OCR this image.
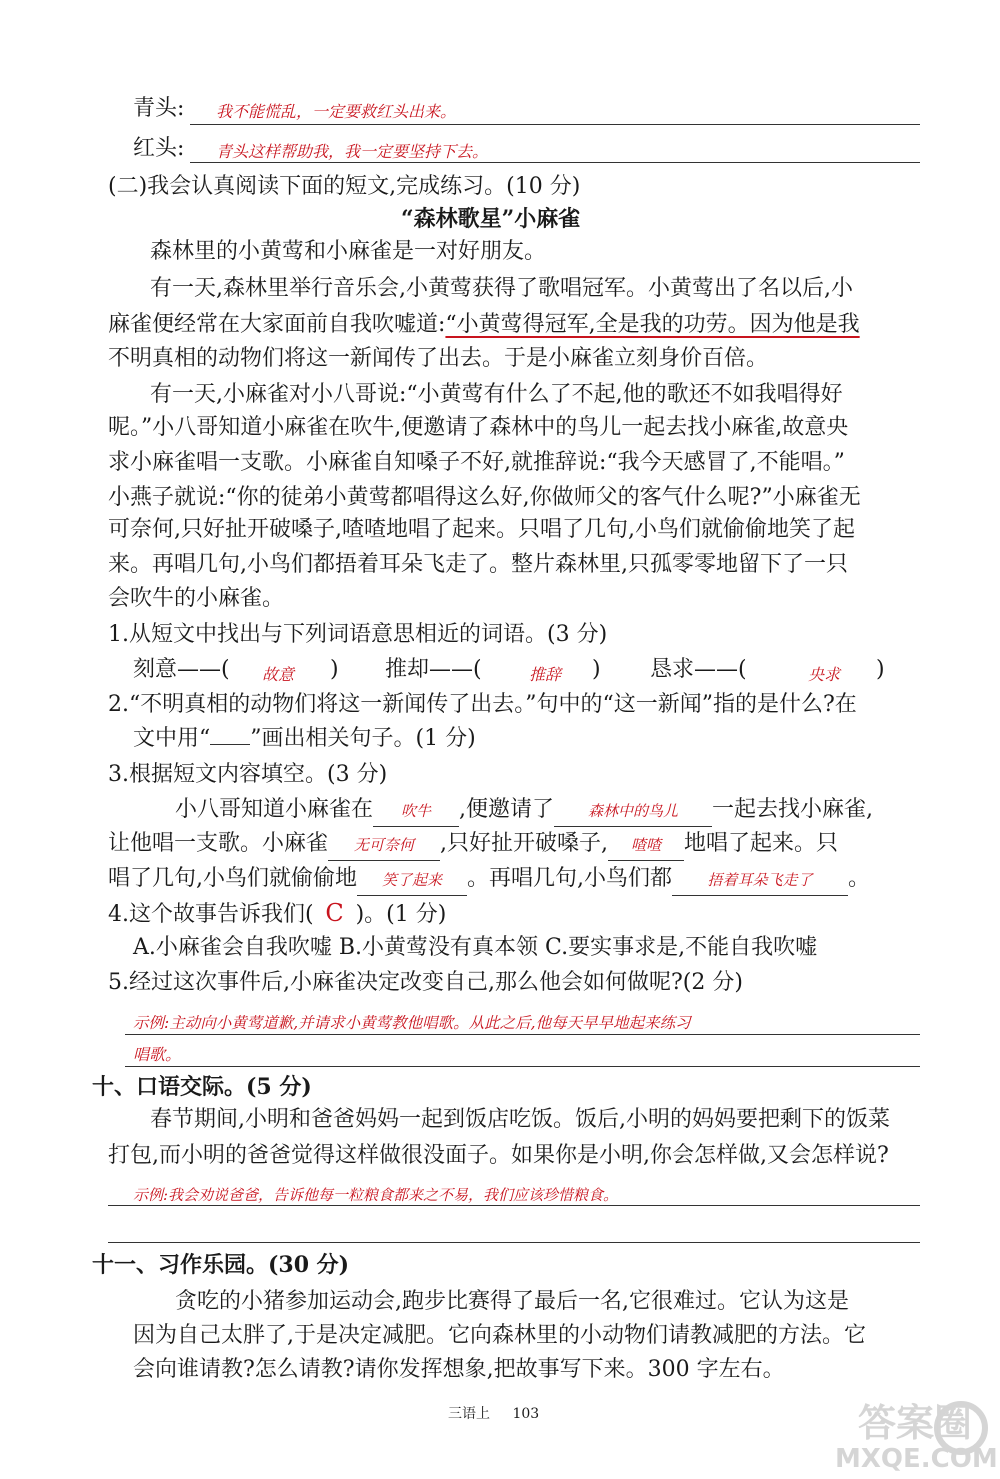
青头: 我不能慌乱，一定要救红头出来。
红头: 青头这样帮助我，我一定要坚持下去。
(二)我会认真阅读下面的短文,完成练习。(10 分)
“森林歌星”小麻雀
森林里的小黄莺和小麻雀是一对好朋友。
有一天,森林里举行音乐会,小黄莺获得了歌唱冠军。小黄莺出了名以后,小
麻雀便经常在大家面前自我吹嘘道:“小黄莺得冠军,全是我的功劳。因为他是我
不明真相的动物们将这一新闻传了出去。于是小麻雀立刻身价百倍。
有一天,小麻雀对小八哥说:“小黄莺有什么了不起,他的歌还不如我唱得好
呢。”小八哥知道小麻雀在吹牛,便邀请了森林中的鸟儿一起去找小麻雀,故意央
求小麻雀唱一支歌。小麻雀自知嗓子不好,就推辞说:“我今天感冒了,不能唱。”
小燕子就说:“你的徒弟小黄莺都唱得这么好,你做师父的客气什么呢?”小麻雀无
可奈何,只好扯开破嗓子,喳喳地唱了起来。只唱了几句,小鸟们就偷偷地笑了起
来。再唱几句,小鸟们都捂着耳朵飞走了。整片森林里,只孤零零地留下了一只
会吹牛的小麻雀。
1.从短文中找出与下列词语意思相近的词语。(3 分)
刻意——( 故意 ) 推却——(	推辞 ) 恳求——(	央求 )
2.“不明真相的动物们将这一新闻传了出去。”句中的“这一新闻”指的是什么?在
文中用“ ”画出相关句子。(1 分)
3.根据短文内容填空。(3 分)
小八哥知道小麻雀在 吹牛 ,便邀请了 森林中的鸟儿 一起去找小麻雀,
让他唱一支歌。小麻雀 无可奈何 ,只好扯开破嗓子, 喳喳 地唱了起来。只
唱了几句,小鸟们就偷偷地 笑了起来 。再唱几句,小鸟们都 捂着耳朵飞走了 。
4.这个故事告诉我们( C )。(1 分)
A.小麻雀会自我吹嘘 B.小黄莺没有真本领 C.要实事求是,不能自我吹嘘
5.经过这次事件后,小麻雀决定改变自己,那么他会如何做呢?(2 分)
示例:主动向小黄莺道歉,并请求小黄莺教他唱歌。从此之后,他每天早早地起来练习
唱歌。
十、口语交际。(5 分)
春节期间,小明和爸爸妈妈一起到饭店吃饭。饭后,小明的妈妈要把剩下的饭菜
打包,而小明的爸爸觉得这样做很没面子。如果你是小明,你会怎样做,又会怎样说?
示例:我会劝说爸爸，告诉他每一粒粮食都来之不易，我们应该珍惜粮食。
十一、习作乐园。(30 分)
贪吃的小猪参加运动会,跑步比赛得了最后一名,它很难过。它认为这是
因为自己太胖了,于是决定减肥。它向森林里的小动物们请教减肥的方法。它
会向谁请教?怎么请教?请你发挥想象,把故事写下来。300 字左右。
三语上 103	答案圈
MXQE.COM
